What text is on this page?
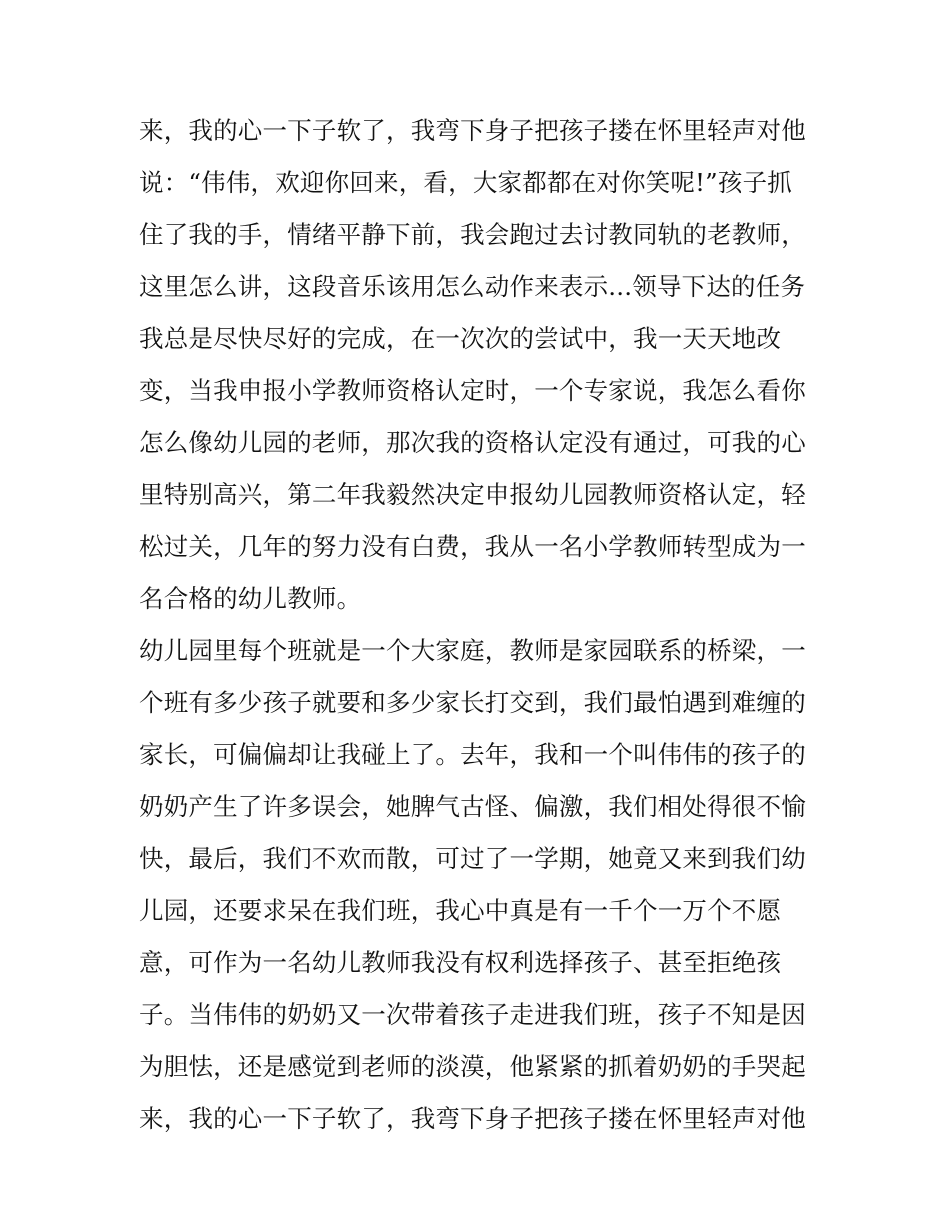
来，我的心一下子软了，我弯下身子把孩子搂在怀里轻声对他
说：“伟伟，欢迎你回来，看，大家都都在对你笑呢!”孩子抓
住了我的手，情绪平静下前，我会跑过去讨教同轨的老教师，
这里怎么讲，这段音乐该用怎么动作来表示...领导下达的任务
我总是尽快尽好的完成，在一次次的尝试中，我一天天地改
变，当我申报小学教师资格认定时，一个专家说，我怎么看你
怎么像幼儿园的老师，那次我的资格认定没有通过，可我的心
里特别高兴，第二年我毅然决定申报幼儿园教师资格认定，轻
松过关，几年的努力没有白费，我从一名小学教师转型成为一
名合格的幼儿教师。
幼儿园里每个班就是一个大家庭，教师是家园联系的桥梁，一
个班有多少孩子就要和多少家长打交到，我们最怕遇到难缠的
家长，可偏偏却让我碰上了。去年，我和一个叫伟伟的孩子的
奶奶产生了许多误会，她脾气古怪、偏激，我们相处得很不愉
快，最后，我们不欢而散，可过了一学期，她竟又来到我们幼
儿园，还要求呆在我们班，我心中真是有一千个一万个不愿
意，可作为一名幼儿教师我没有权利选择孩子、甚至拒绝孩
子。当伟伟的奶奶又一次带着孩子走进我们班，孩子不知是因
为胆怯，还是感觉到老师的淡漠，他紧紧的抓着奶奶的手哭起
来，我的心一下子软了，我弯下身子把孩子搂在怀里轻声对他
